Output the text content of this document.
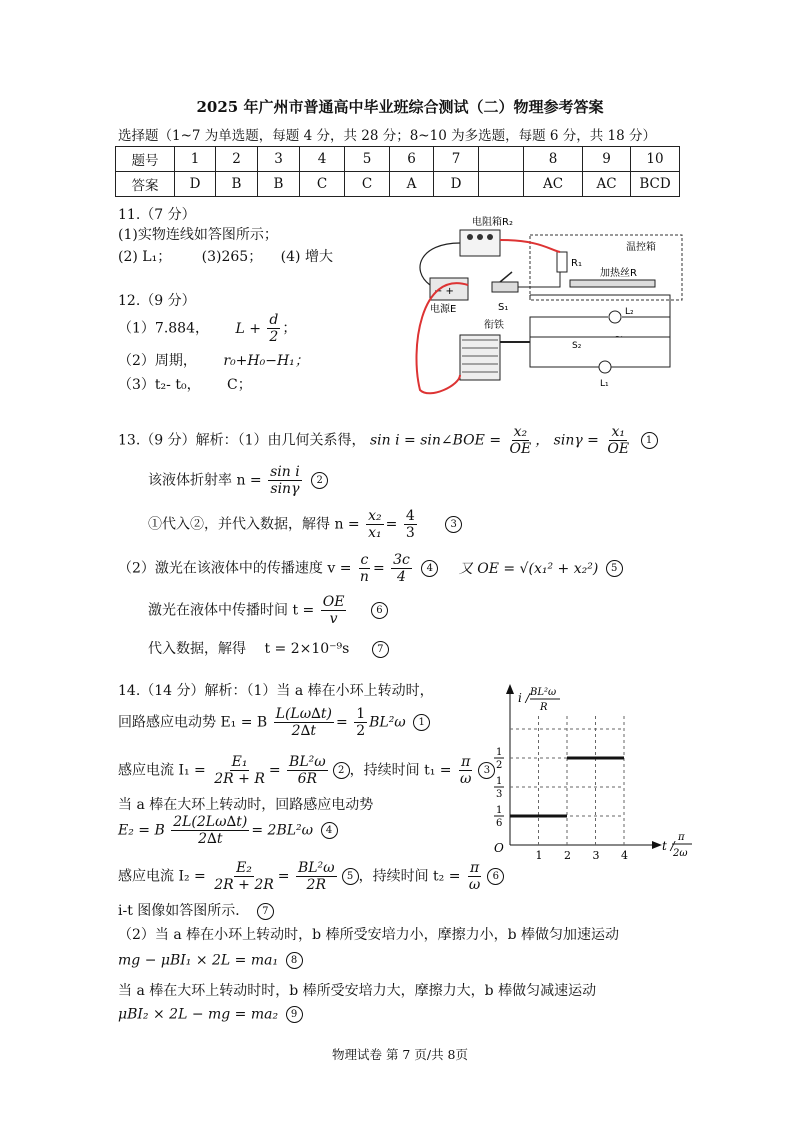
2025 年广州市普通高中毕业班综合测试（二）物理参考答案
选择题（1~7 为单选题，每题 4 分，共 28 分；8~10 为多选题，每题 6 分，共 18 分）
题号	1	2	3	4	5	6	7		8	9	10
答案	D	B	B	C	C	A	D		AC	AC	BCD
11.（7 分）
(1)实物连线如答图所示；
(2) L₁； (3)265； (4) 增大
12.（9 分）
（1）7.884， $L + \frac{d}{2}$ ；
（2）周期， r₀+H₀−H₁；
（3）t₂- t₀， C；
温控箱
电阻箱R₂
R₁
加热丝R
− +
电源E	S₁
衔铁
L₂
~
S₂
L₁
13.（9 分）解析：（1）由几何关系得， sin i = sin∠BOE = $\frac{\text{x₂}}{OE}$ ， $\sin\gamma = \frac{\text{x₁}}{OE} 1$
该液体折射率 $n = \frac{\text{sin i}}{\sin\gamma} 2$
①代入②，并代入数据，解得 $n = \frac{\text{x₂}}{\text{x₁}} = \frac{4}{3}$	3
（2）激光在该液体中的传播速度 $v = \frac{c}{n} = \frac{3c}{4} 4$ 又 OE = √(x₁² + x₂²) 5
激光在液体中传播时间 $t = \frac{OE}{v}$	6
代入数据，解得　 t = 2×10⁻⁹s	7
14.（14 分）解析：（1）当 a 棒在小环上转动时，
回路感应电动势 E₁ = B $\frac{L(L\omega\Delta t)}{2\Delta t} = \frac{1}{2} BL^2\omega$ 1
感应电流 $I_1 = \frac{\text{E₁}}{2R + R} = \frac{\text{BL²ω}}{6R} 2$ ，持续时间 $t_1 = \frac{\pi}{\omega} 3$
当 a 棒在大环上转动时，回路感应电动势
E₂ = B $\frac{2L(2L\omega\Delta t)}{2\Delta t} = 2BL^2\omega$ 4
感应电流 $I_2 = \frac{\text{E₂}}{2R + 2R} = \frac{\text{BL²ω}}{2R} 5$ ，持续时间 $t_2 = \frac{\pi}{\omega} 6$
i-t 图像如答图所示． 7
（2）当 a 棒在小环上转动时，b 棒所受安培力小，摩擦力小，b 棒做匀加速运动
mg − μBI₁ × 2L = ma₁ 8
当 a 棒在大环上转动时时，b 棒所受安培力大，摩擦力大，b 棒做匀减速运动
μBI₂ × 2L − mg = ma₂ 9
1
2
1
3
1
6
1 2 3 4
O
i / BL²ω
R
t /
π
2ω
物理试卷 第 7 页/共 8页
